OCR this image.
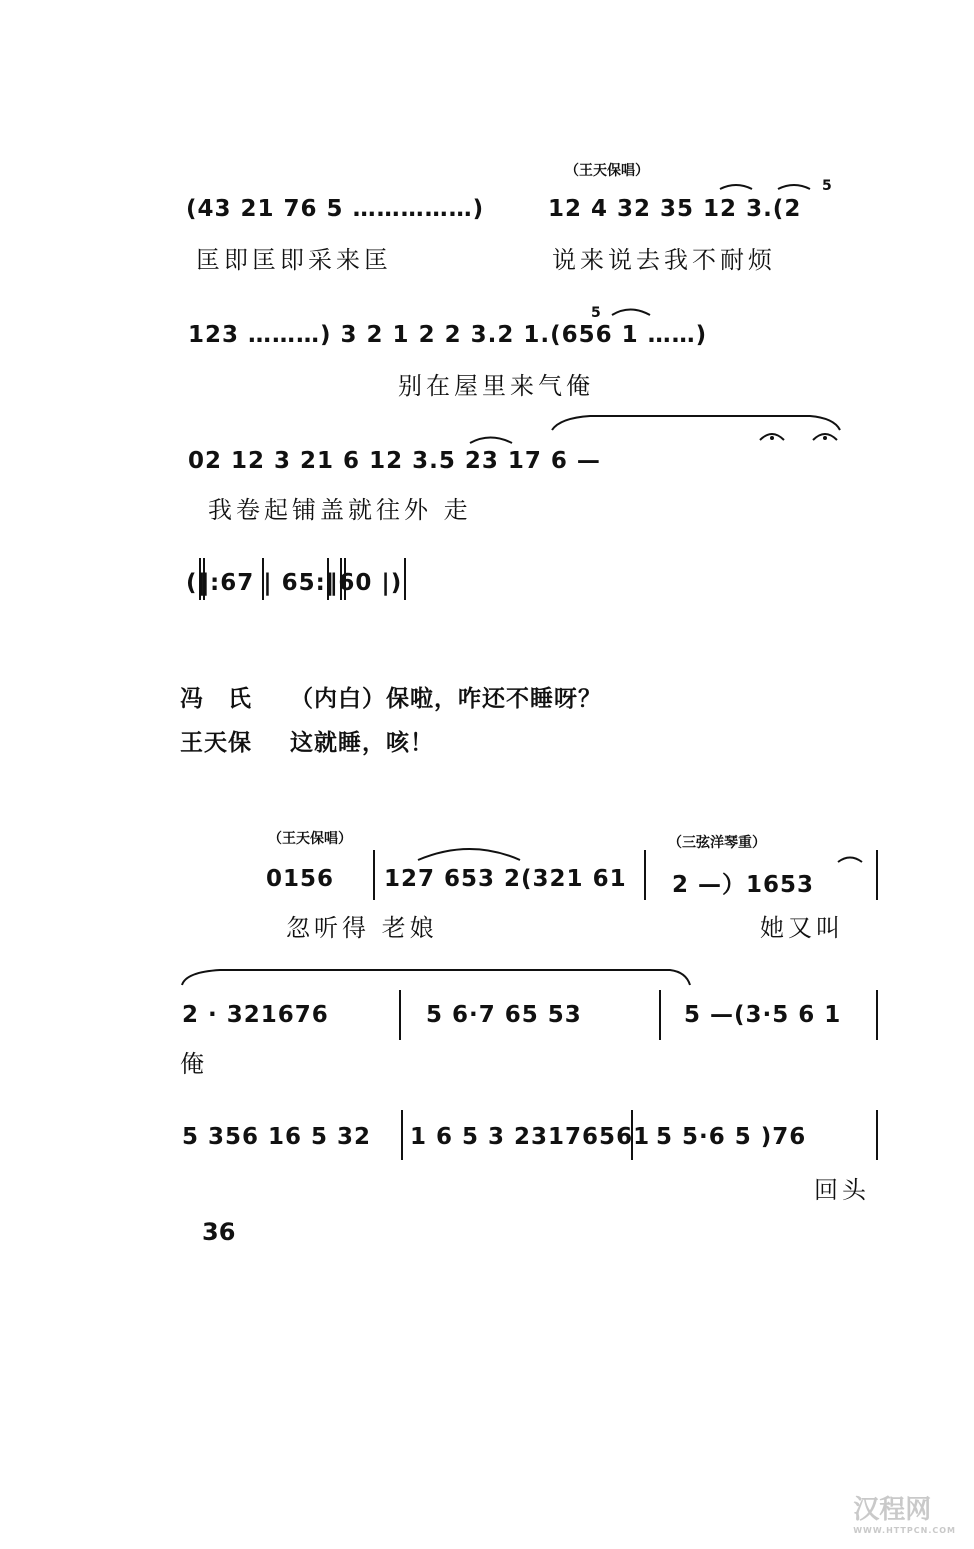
（王天保唱）
(43 21 76 5 ……………)	12 4 32 35 12 3.(2
5
匡即匡即采来匡	说来说去我不耐烦
123 ………) 3 2 1 2 2 3.2 1.(656 1 ……)
5
别在屋里来气俺
02 12 3 21 6 12 3.5 23 17 6 —
我卷起铺盖就往外 走
(‖:67 | 65:‖60 |)
冯　氏 （内白）保啦，咋还不睡呀？
王天保 这就睡，咳！
（王天保唱）	（三弦洋琴重）
0156 127 653 2(321 61 2 —）1653
忽听得 老娘	她又叫
2 · 321676	5 6·7 65 53	5 —(3·5 6 1
俺
5 356 16 5 32 1 6 5 3 23176561 5 5·6 5 )76
回头
36
汉程网
WWW.HTTPCN.COM
